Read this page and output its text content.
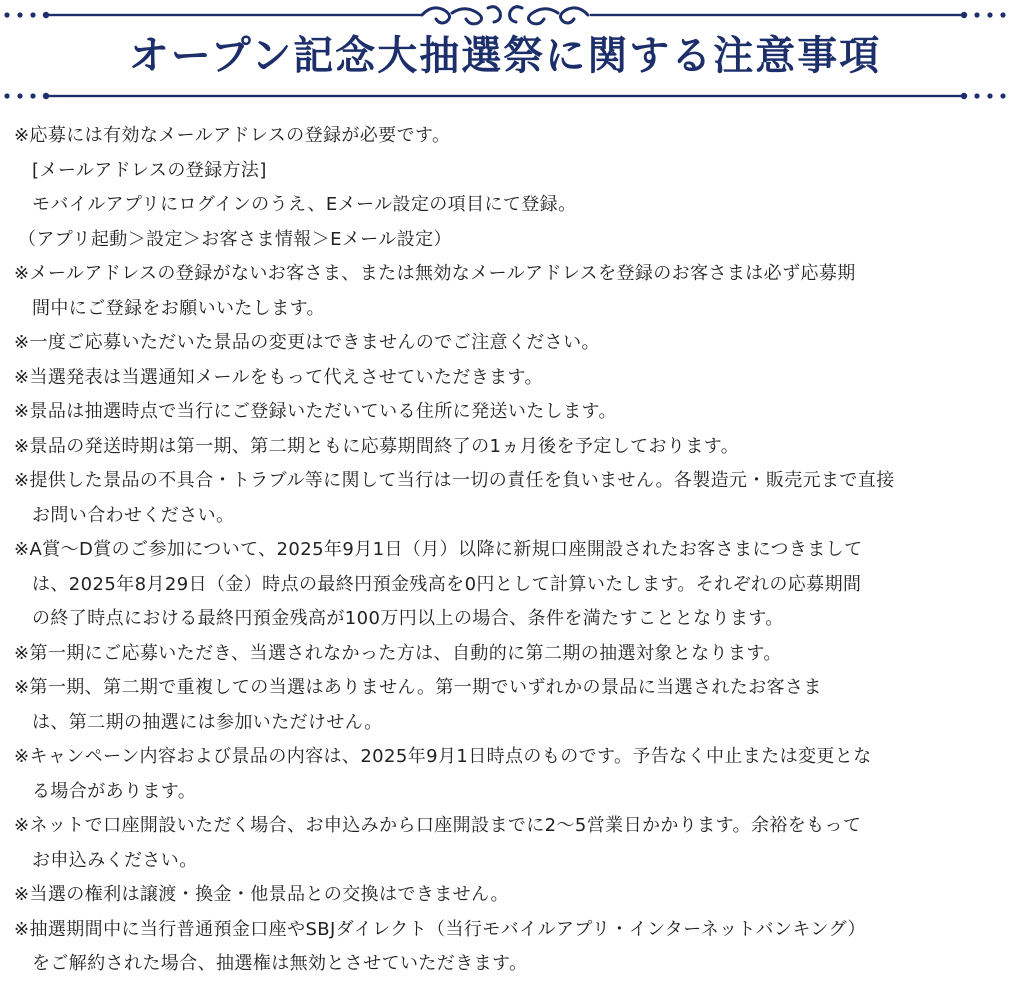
オープン記念大抽選祭に関する注意事項
※応募には有効なメールアドレスの登録が必要です。
[メールアドレスの登録方法]
モバイルアプリにログインのうえ、Eメール設定の項目にて登録。
（アプリ起動＞設定＞お客さま情報＞Eメール設定）
※メールアドレスの登録がないお客さま、または無効なメールアドレスを登録のお客さまは必ず応募期
間中にご登録をお願いいたします。
※一度ご応募いただいた景品の変更はできませんのでご注意ください。
※当選発表は当選通知メールをもって代えさせていただきます。
※景品は抽選時点で当行にご登録いただいている住所に発送いたします。
※景品の発送時期は第一期、第二期ともに応募期間終了の1ヵ月後を予定しております。
※提供した景品の不具合・トラブル等に関して当行は一切の責任を負いません。各製造元・販売元まで直接
お問い合わせください。
※A賞〜D賞のご参加について、2025年9月1日（月）以降に新規口座開設されたお客さまにつきまして
は、2025年8月29日（金）時点の最終円預金残高を0円として計算いたします。それぞれの応募期間
の終了時点における最終円預金残高が100万円以上の場合、条件を満たすこととなります。
※第一期にご応募いただき、当選されなかった方は、自動的に第二期の抽選対象となります。
※第一期、第二期で重複しての当選はありません。第一期でいずれかの景品に当選されたお客さま
は、第二期の抽選には参加いただけせん。
※キャンペーン内容および景品の内容は、2025年9月1日時点のものです。予告なく中止または変更とな
る場合があります。
※ネットで口座開設いただく場合、お申込みから口座開設までに2〜5営業日かかります。余裕をもって
お申込みください。
※当選の権利は譲渡・換金・他景品との交換はできません。
※抽選期間中に当行普通預金口座やSBJダイレクト（当行モバイルアプリ・インターネットバンキング）
をご解約された場合、抽選権は無効とさせていただきます。
